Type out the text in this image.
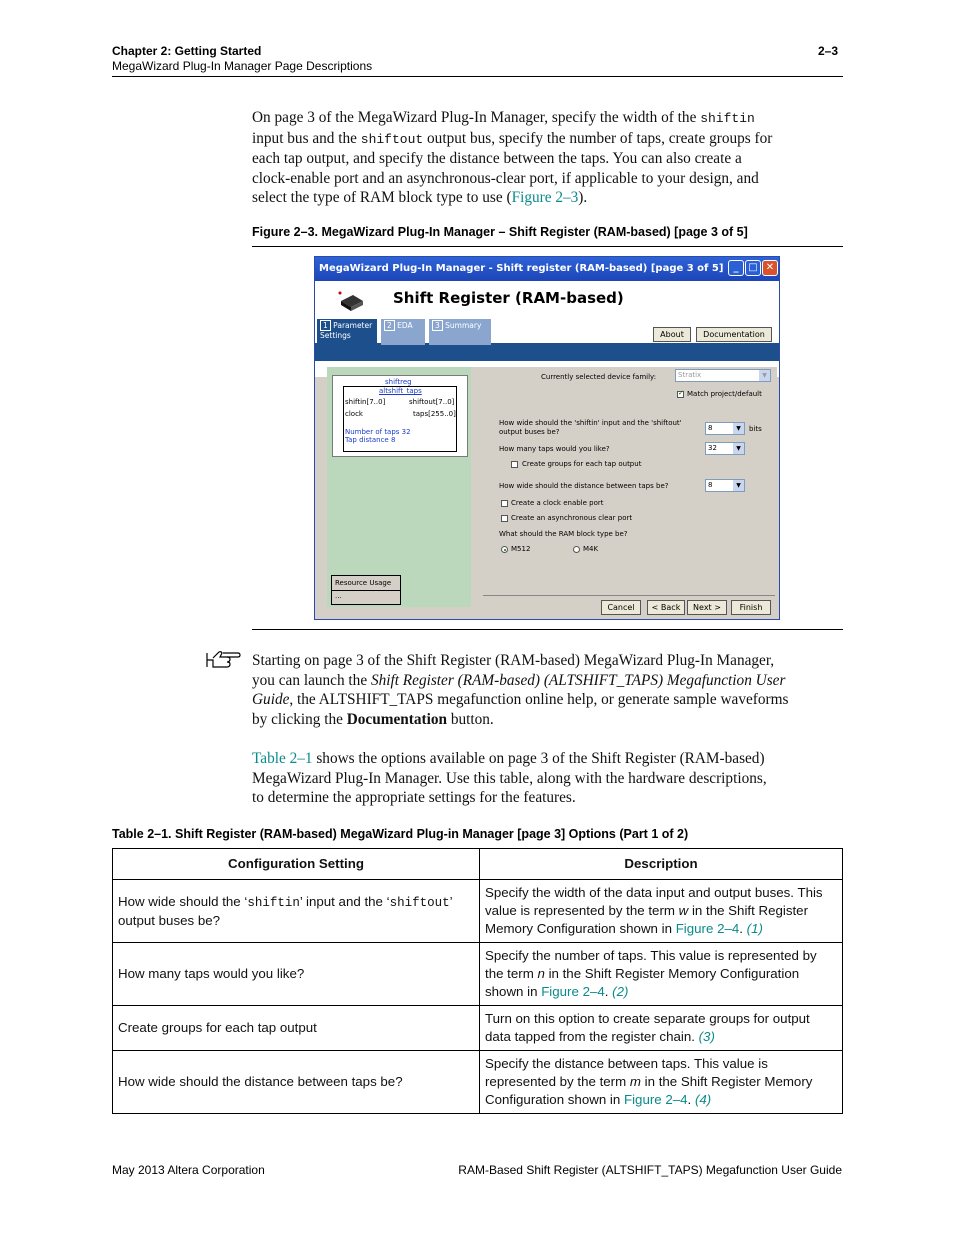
Chapter 2: Getting Started
MegaWizard Plug-In Manager Page Descriptions
2–3
On page 3 of the MegaWizard Plug-In Manager, specify the width of the shiftin
input bus and the shiftout output bus, specify the number of taps, create groups for
each tap output, and specify the distance between the taps. You can also create a
clock-enable port and an asynchronous-clear port, if applicable to your design, and
select the type of RAM block type to use (Figure 2–3).
Figure 2–3. MegaWizard Plug-In Manager – Shift Register (RAM-based) [page 3 of 5]
MegaWizard Plug-In Manager - Shift register (RAM-based) [page 3 of 5]	_ □ ✕
Shift Register (RAM-based)
About	Documentation
1 Parameter Settings
2 EDA	3 Summary
shiftreg
altshift_taps
shiftin[7..0]
clock
shiftout[7..0]
taps[255..0]
Number of taps 32
Tap distance 8
Currently selected device family:	Stratix	▼
✓ Match project/default
How wide should the 'shiftin' input and the 'shiftout'
output buses be?	8	▼	bits
How many taps would you like?	32	▼
Create groups for each tap output
How wide should the distance between taps be?	8	▼
Create a clock enable port
Create an asynchronous clear port
What should the RAM block type be?
M512	M4K
Resource Usage
...
Cancel	< Back	Next >	Finish
Starting on page 3 of the Shift Register (RAM-based) MegaWizard Plug-In Manager,
you can launch the Shift Register (RAM-based) (ALTSHIFT_TAPS) Megafunction User
Guide, the ALTSHIFT_TAPS megafunction online help, or generate sample waveforms
by clicking the Documentation button.
Table 2–1 shows the options available on page 3 of the Shift Register (RAM-based)
MegaWizard Plug-In Manager. Use this table, along with the hardware descriptions,
to determine the appropriate settings for the features.
Table 2–1. Shift Register (RAM-based) MegaWizard Plug-in Manager [page 3] Options (Part 1 of 2)
Configuration Setting	Description
How wide should the ‘shiftin’ input and the ‘shiftout’ output buses be?	Specify the width of the data input and output buses. This value is represented by the term w in the Shift Register Memory Configuration shown in Figure 2–4. (1)
How many taps would you like?	Specify the number of taps. This value is represented by the term n in the Shift Register Memory Configuration shown in Figure 2–4. (2)
Create groups for each tap output	Turn on this option to create separate groups for output data tapped from the register chain. (3)
How wide should the distance between taps be?	Specify the distance between taps. This value is represented by the term m in the Shift Register Memory Configuration shown in Figure 2–4. (4)
May 2013 Altera Corporation	RAM-Based Shift Register (ALTSHIFT_TAPS) Megafunction User Guide
